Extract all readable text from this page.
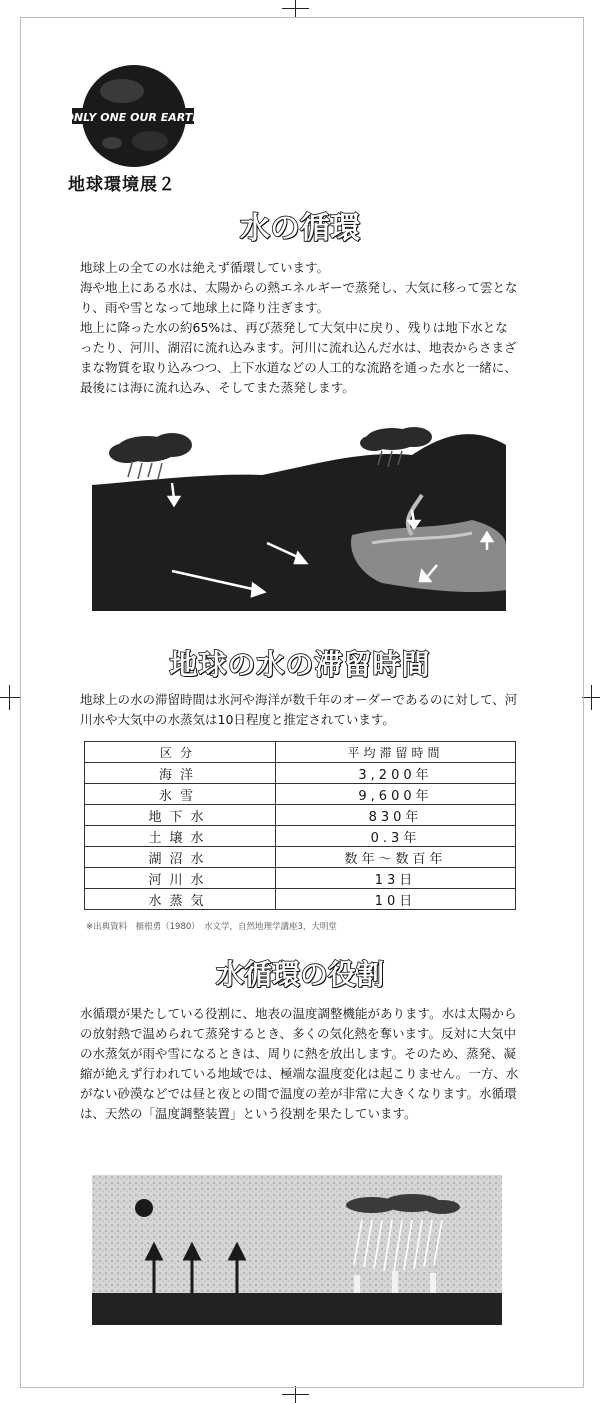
ONLY ONE OUR EARTH
地球環境展２
水の循環

地球上の全ての水は絶えず循環しています。

海や地上にある水は、太陽からの熱エネルギーで蒸発し、大気に移って雲となり、雨や雪となって地球上に降り注ぎます。

地上に降った水の約65%は、再び蒸発して大気中に戻り、残りは地下水となったり、河川、湖沼に流れ込みます。河川に流れ込んだ水は、地表からさまざまな物質を取り込みつつ、上下水道などの人工的な流路を通った水と一緒に、最後には海に流れ込み、そしてまた蒸発します。

地球の水の滞留時間
地球上の水の滞留時間は氷河や海洋が数千年のオーダーであるのに対して、河川水や大気中の水蒸気は10日程度と推定されています。
区分	平均滞留時間
海洋	3,200年
氷雪	9,600年
地下水	830年
土壌水	0.3年
湖沼水	数年～数百年
河川水	13日
水蒸気	10日
※出典資料　榧根勇（1980）　水文学，自然地理学講座3，大明堂
水循環の役割
水循環が果たしている役割に、地表の温度調整機能があります。水は太陽からの放射熱で温められて蒸発するとき、多くの気化熱を奪います。反対に大気中の水蒸気が雨や雪になるときは、周りに熱を放出します。そのため、蒸発、凝縮が絶えず行われている地域では、極端な温度変化は起こりません。一方、水がない砂漠などでは昼と夜との間で温度の差が非常に大きくなります。水循環は、天然の「温度調整装置」という役割を果たしています。
